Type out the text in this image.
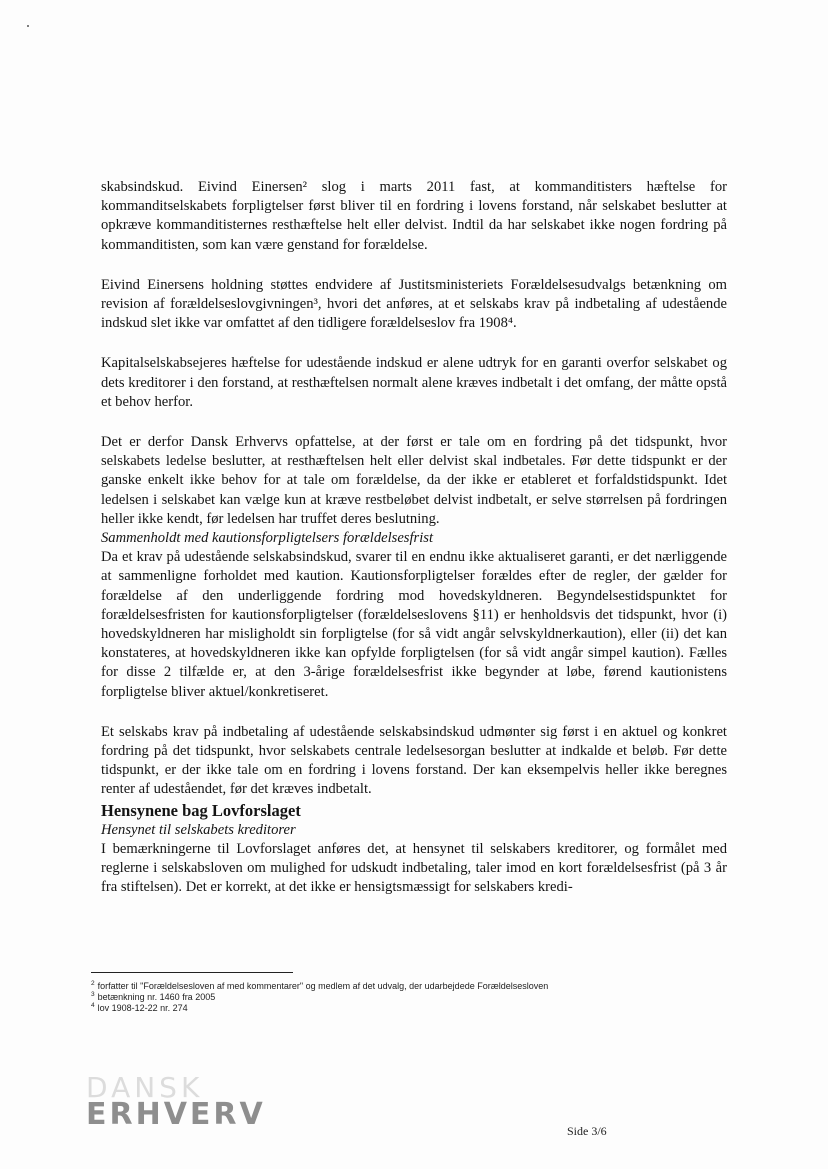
skabsindskud. Eivind Einersen² slog i marts 2011 fast, at kommanditisters hæftelse for kommanditselskabets forpligtelser først bliver til en fordring i lovens forstand, når selskabet beslutter at opkræve kommanditisternes resthæftelse helt eller delvist. Indtil da har selskabet ikke nogen fordring på kommanditisten, som kan være genstand for forældelse.

Eivind Einersens holdning støttes endvidere af Justitsministeriets Forældelsesudvalgs betænkning om revision af forældelseslovgivningen³, hvori det anføres, at et selskabs krav på indbetaling af udestående indskud slet ikke var omfattet af den tidligere forældelseslov fra 1908⁴.

Kapitalselskabsejeres hæftelse for udestående indskud er alene udtryk for en garanti overfor selskabet og dets kreditorer i den forstand, at resthæftelsen normalt alene kræves indbetalt i det omfang, der måtte opstå et behov herfor.

Det er derfor Dansk Erhvervs opfattelse, at der først er tale om en fordring på det tidspunkt, hvor selskabets ledelse beslutter, at resthæftelsen helt eller delvist skal indbetales. Før dette tidspunkt er der ganske enkelt ikke behov for at tale om forældelse, da der ikke er etableret et forfaldstidspunkt. Idet ledelsen i selskabet kan vælge kun at kræve restbeløbet delvist indbetalt, er selve størrelsen på fordringen heller ikke kendt, før ledelsen har truffet deres beslutning.

Sammenholdt med kautionsforpligtelsers forældelsesfrist

Da et krav på udestående selskabsindskud, svarer til en endnu ikke aktualiseret garanti, er det nærliggende at sammenligne forholdet med kaution. Kautionsforpligtelser forældes efter de regler, der gælder for forældelse af den underliggende fordring mod hovedskyldneren. Begyndelsestidspunktet for forældelsesfristen for kautionsforpligtelser (forældelseslovens §11) er henholdsvis det tidspunkt, hvor (i) hovedskyldneren har misligholdt sin forpligtelse (for så vidt angår selvskyldnerkaution), eller (ii) det kan konstateres, at hovedskyldneren ikke kan opfylde forpligtelsen (for så vidt angår simpel kaution). Fælles for disse 2 tilfælde er, at den 3-årige forældelsesfrist ikke begynder at løbe, førend kautionistens forpligtelse bliver aktuel/konkretiseret.

Et selskabs krav på indbetaling af udestående selskabsindskud udmønter sig først i en aktuel og konkret fordring på det tidspunkt, hvor selskabets centrale ledelsesorgan beslutter at indkalde et beløb. Før dette tidspunkt, er der ikke tale om en fordring i lovens forstand. Der kan eksempelvis heller ikke beregnes renter af udeståendet, før det kræves indbetalt.

Hensynene bag Lovforslaget

Hensynet til selskabets kreditorer

I bemærkningerne til Lovforslaget anføres det, at hensynet til selskabers kreditorer, og formålet med reglerne i selskabsloven om mulighed for udskudt indbetaling, taler imod en kort forældelsesfrist (på 3 år fra stiftelsen). Det er korrekt, at det ikke er hensigtsmæssigt for selskabers kredi-

$^2$ forfatter til "Forældelsesloven af med kommentarer" og medlem af det udvalg, der udarbejdede Forældelsesloven
$^3$ betænkning nr. 1460 fra 2005
$^4$ lov 1908-12-22 nr. 274
DANSK
ERHVERV	Side 3/6
